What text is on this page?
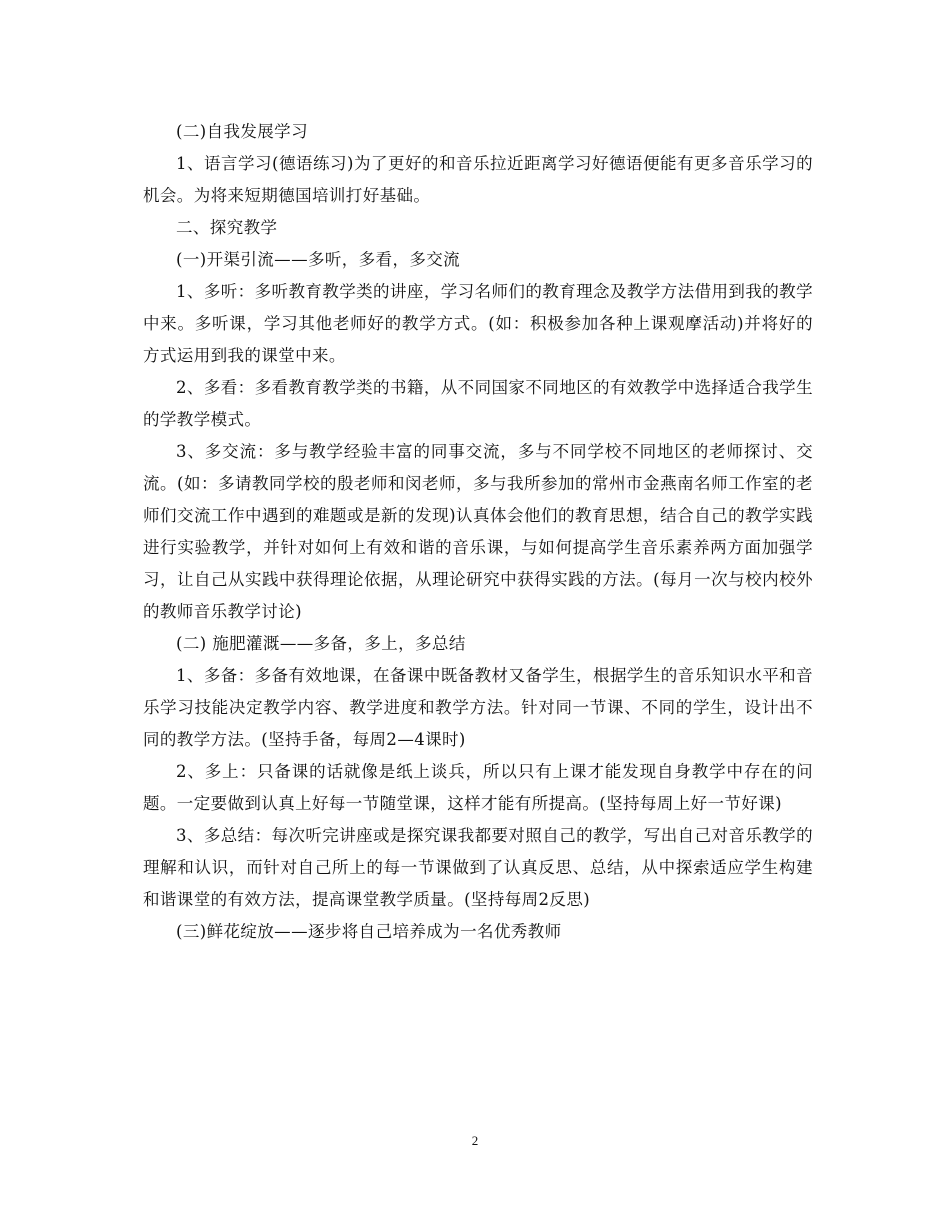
(二)自我发展学习

1、语言学习(德语练习)为了更好的和音乐拉近距离学习好德语便能有更多音乐学习的机会。为将来短期德国培训打好基础。

二、探究教学

(一)开渠引流——多听，多看，多交流

1、多听：多听教育教学类的讲座，学习名师们的教育理念及教学方法借用到我的教学中来。多听课，学习其他老师好的教学方式。(如：积极参加各种上课观摩活动)并将好的方式运用到我的课堂中来。

2、多看：多看教育教学类的书籍，从不同国家不同地区的有效教学中选择适合我学生的学教学模式。

3、多交流：多与教学经验丰富的同事交流，多与不同学校不同地区的老师探讨、交流。(如：多请教同学校的殷老师和闵老师，多与我所参加的常州市金燕南名师工作室的老师们交流工作中遇到的难题或是新的发现)认真体会他们的教育思想，结合自己的教学实践进行实验教学，并针对如何上有效和谐的音乐课，与如何提高学生音乐素养两方面加强学习，让自己从实践中获得理论依据，从理论研究中获得实践的方法。(每月一次与校内校外的教师音乐教学讨论)

(二) 施肥灌溉——多备，多上，多总结

1、多备：多备有效地课，在备课中既备教材又备学生，根据学生的音乐知识水平和音乐学习技能决定教学内容、教学进度和教学方法。针对同一节课、不同的学生，设计出不同的教学方法。(坚持手备，每周2—4课时)

2、多上：只备课的话就像是纸上谈兵，所以只有上课才能发现自身教学中存在的问题。一定要做到认真上好每一节随堂课，这样才能有所提高。(坚持每周上好一节好课)

3、多总结：每次听完讲座或是探究课我都要对照自己的教学，写出自己对音乐教学的理解和认识，而针对自己所上的每一节课做到了认真反思、总结，从中探索适应学生构建和谐课堂的有效方法，提高课堂教学质量。(坚持每周2反思)

(三)鲜花绽放——逐步将自己培养成为一名优秀教师

2
